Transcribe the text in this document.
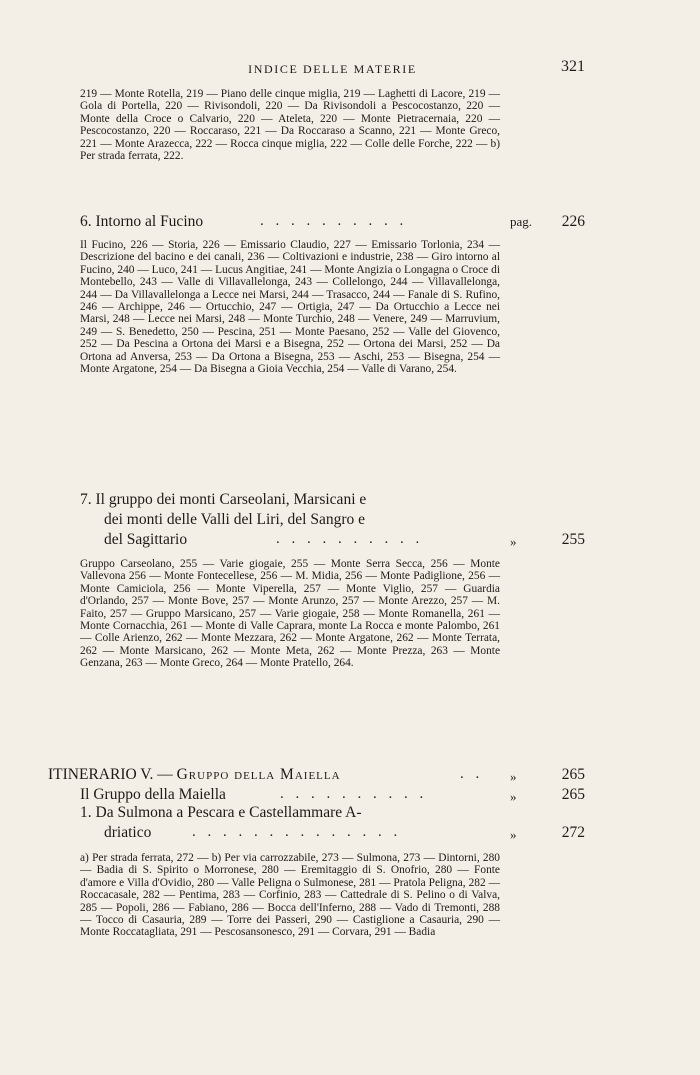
INDICE DELLE MATERIE	321
219 — Monte Rotella, 219 — Piano delle cinque miglia, 219 — Laghetti di Lacore, 219 — Gola di Portella, 220 — Rivisondoli, 220 — Da Rivisondoli a Pescocostanzo, 220 — Monte della Croce o Calvario, 220 — Ateleta, 220 — Monte Pietracernaia, 220 — Pescocostanzo, 220 — Roccaraso, 221 — Da Roccaraso a Scanno, 221 — Monte Greco, 221 — Monte Arazecca, 222 — Rocca cinque miglia, 222 — Colle delle Forche, 222 — b) Per strada ferrata, 222.
6. Intorno al Fucino	. . . . . . . . . .	pag. 226
Il Fucino, 226 — Storia, 226 — Emissario Claudio, 227 — Emissario Torlonia, 234 — Descrizione del bacino e dei canali, 236 — Coltivazioni e industrie, 238 — Giro intorno al Fucino, 240 — Luco, 241 — Lucus Angitiae, 241 — Monte Angizia o Longagna o Croce di Montebello, 243 — Valle di Villavallelonga, 243 — Collelongo, 244 — Villavallelonga, 244 — Da Villavallelonga a Lecce nei Marsi, 244 — Trasacco, 244 — Fanale di S. Rufino, 246 — Archippe, 246 — Ortucchio, 247 — Ortigia, 247 — Da Ortucchio a Lecce nei Marsi, 248 — Lecce nei Marsi, 248 — Monte Turchio, 248 — Venere, 249 — Marruvium, 249 — S. Benedetto, 250 — Pescina, 251 — Monte Paesano, 252 — Valle del Giovenco, 252 — Da Pescina a Ortona dei Marsi e a Bisegna, 252 — Ortona dei Marsi, 252 — Da Ortona ad Anversa, 253 — Da Ortona a Bisegna, 253 — Aschi, 253 — Bisegna, 254 — Monte Argatone, 254 — Da Bisegna a Gioia Vecchia, 254 — Valle di Varano, 254.
7. Il gruppo dei monti Carseolani, Marsicani e
dei monti delle Valli del Liri, del Sangro e
del Sagittario	. . . . . . . . . .	»	255
Gruppo Carseolano, 255 — Varie giogaie, 255 — Monte Serra Secca, 256 — Monte Vallevona 256 — Monte Fontecellese, 256 — M. Midia, 256 — Monte Padiglione, 256 — Monte Camiciola, 256 — Monte Viperella, 257 — Monte Viglio, 257 — Guardia d'Orlando, 257 — Monte Bove, 257 — Monte Arunzo, 257 — Monte Arezzo, 257 — M. Faito, 257 — Gruppo Marsicano, 257 — Varie giogaie, 258 — Monte Romanella, 261 — Monte Cornacchia, 261 — Monte di Valle Caprara, monte La Rocca e monte Palombo, 261 — Colle Arienzo, 262 — Monte Mezzara, 262 — Monte Argatone, 262 — Monte Terrata, 262 — Monte Marsicano, 262 — Monte Meta, 262 — Monte Prezza, 263 — Monte Genzana, 263 — Monte Greco, 264 — Monte Pratello, 264.
ITINERARIO V. — Gruppo della Maiella	. . »	265
Il Gruppo della Maiella	. . . . . . . . . .	»	265
1. Da Sulmona a Pescara e Castellammare A-
driatico	. . . . . . . . . . . . . .	»	272
a) Per strada ferrata, 272 — b) Per via carrozzabile, 273 — Sulmona, 273 — Dintorni, 280 — Badia di S. Spirito o Morronese, 280 — Eremitaggio di S. Onofrio, 280 — Fonte d'amore e Villa d'Ovidio, 280 — Valle Peligna o Sulmonese, 281 — Pratola Peligna, 282 — Roccacasale, 282 — Pentima, 283 — Corfinio, 283 — Cattedrale di S. Pelino o di Valva, 285 — Popoli, 286 — Fabiano, 286 — Bocca dell'Inferno, 288 — Vado di Tremonti, 288 — Tocco di Casauria, 289 — Torre dei Passeri, 290 — Castiglione a Casauria, 290 — Monte Roccatagliata, 291 — Pescosansonesco, 291 — Corvara, 291 — Badia
